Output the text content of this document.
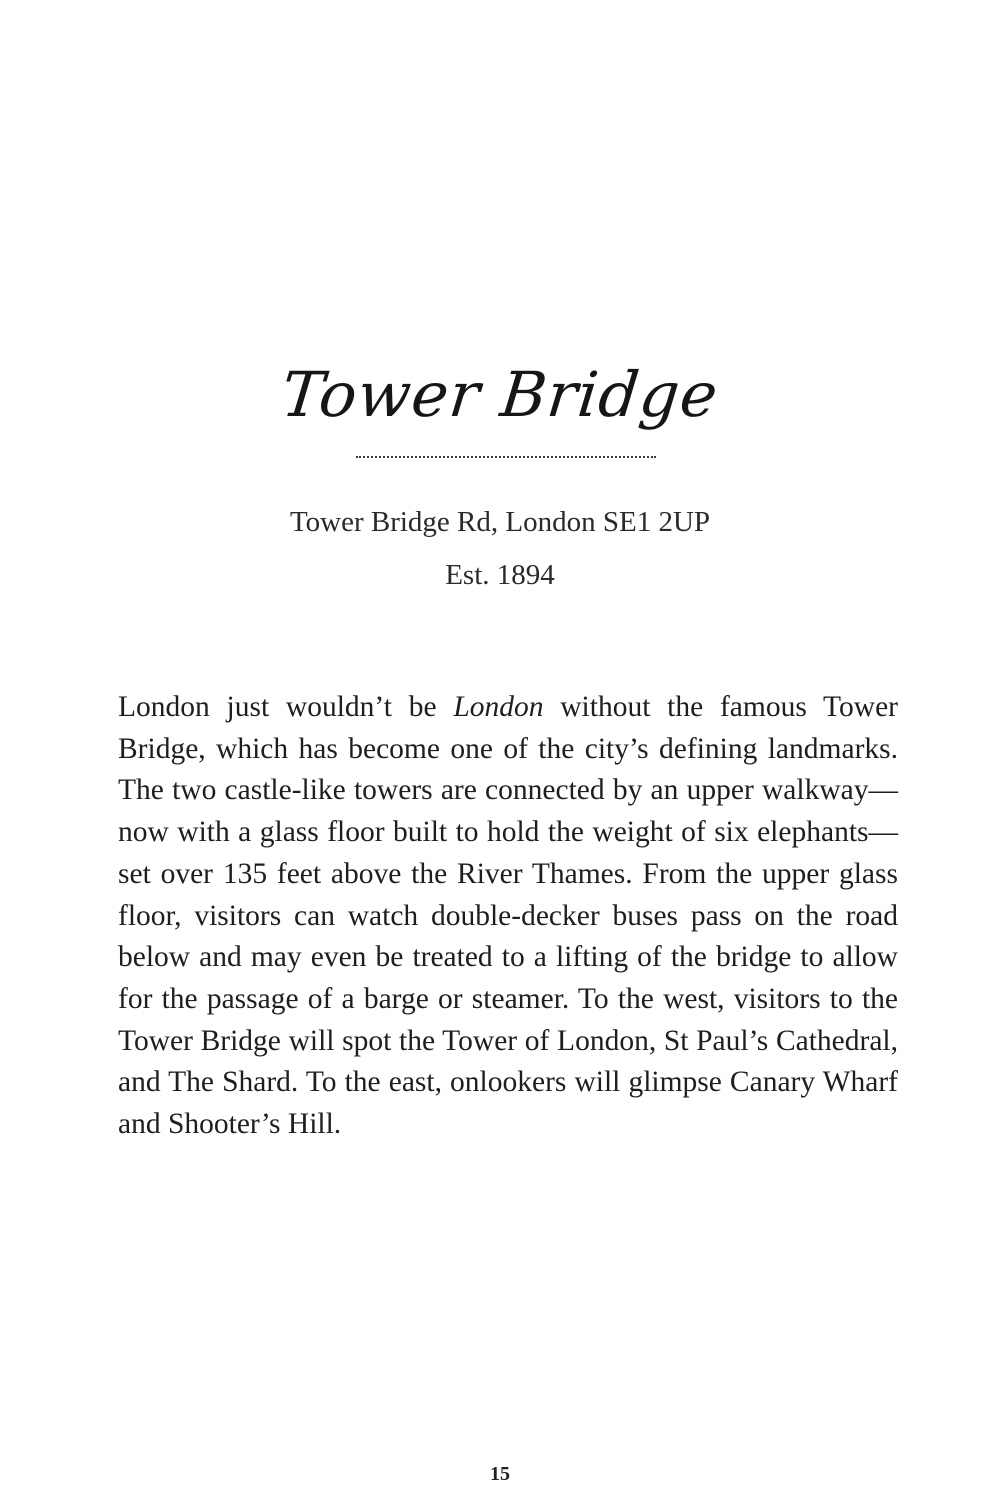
Tower Bridge
Tower Bridge Rd, London SE1 2UP
Est. 1894

London just wouldn’t be London without the famous Tower Bridge, which has become one of the city’s defining landmarks. The two castle-like towers are connected by an upper walkway—now with a glass floor built to hold the weight of six elephants—set over 135 feet above the River Thames. From the upper glass floor, visitors can watch double-decker buses pass on the road below and may even be treated to a lifting of the bridge to allow for the passage of a barge or steamer. To the west, visitors to the Tower Bridge will spot the Tower of London, St Paul’s Cathedral, and The Shard. To the east, onlookers will glimpse Canary Wharf and Shooter’s Hill.

15
